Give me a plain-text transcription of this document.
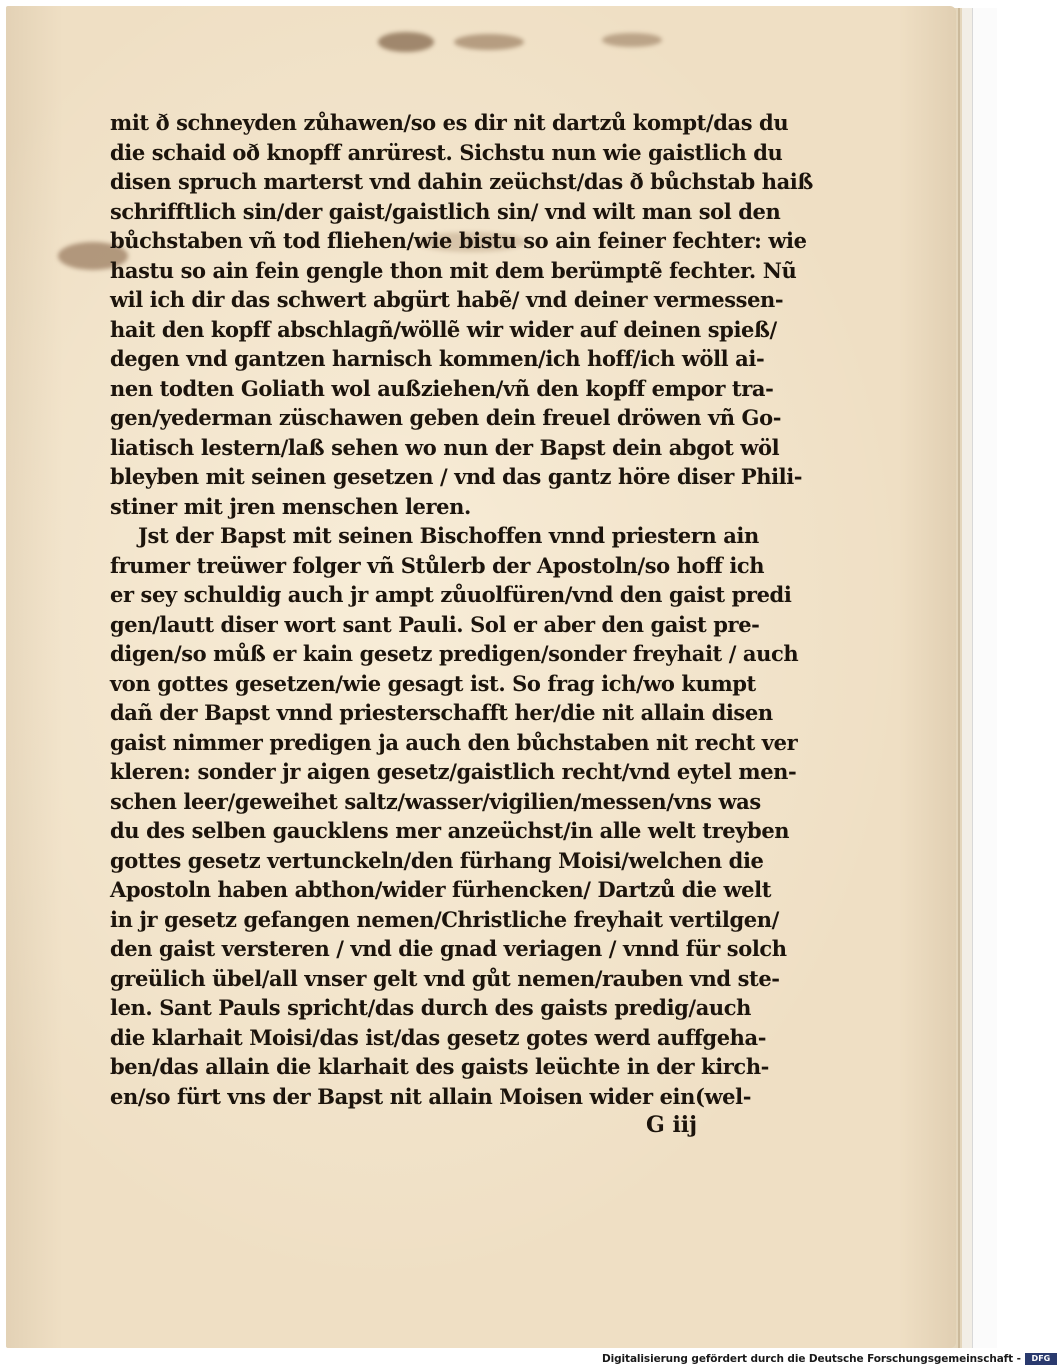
mit ð schneyden zůhawen/so es dir nit dartzů kompt/das du
die schaid oð knopff anrürest. Sichstu nun wie gaistlich du
disen spruch marterst vnd dahin zeüchst/das ð bůchstab haiß
schrifftlich sin/der gaist/gaistlich sin/ vnd wilt man sol den
bůchstaben vñ tod fliehen/wie bistu so ain feiner fechter: wie
hastu so ain fein gengle thon mit dem berümptẽ fechter. Nũ
wil ich dir das schwert abgürt habẽ/ vnd deiner vermessen-
hait den kopff abschlagñ/wöllẽ wir wider auf deinen spieß/
degen vnd gantzen harnisch kommen/ich hoff/ich wöll ai-
nen todten Goliath wol außziehen/vñ den kopff empor tra-
gen/yederman züschawen geben dein freuel dröwen vñ Go-
liatisch lestern/laß sehen wo nun der Bapst dein abgot wöl
bleyben mit seinen gesetzen / vnd das gantz höre diser Phili-
stiner mit jren menschen leren.
Jst der Bapst mit seinen Bischoffen vnnd priestern ain
frumer treüwer folger vñ Stůlerb der Apostoln/so hoff ich
er sey schuldig auch jr ampt zůuolfüren/vnd den gaist predi
gen/lautt diser wort sant Pauli. Sol er aber den gaist pre-
digen/so můß er kain gesetz predigen/sonder freyhait / auch
von gottes gesetzen/wie gesagt ist. So frag ich/wo kumpt
dañ der Bapst vnnd priesterschafft her/die nit allain disen
gaist nimmer predigen ja auch den bůchstaben nit recht ver
kleren: sonder jr aigen gesetz/gaistlich recht/vnd eytel men-
schen leer/geweihet saltz/wasser/vigilien/messen/vns was
du des selben gaucklens mer anzeüchst/in alle welt treyben
gottes gesetz vertunckeln/den fürhang Moisi/welchen die
Apostoln haben abthon/wider fürhencken/ Dartzů die welt
in jr gesetz gefangen nemen/Christliche freyhait vertilgen/
den gaist versteren / vnd die gnad veriagen / vnnd für solch
greülich übel/all vnser gelt vnd gůt nemen/rauben vnd ste-
len. Sant Pauls spricht/das durch des gaists predig/auch
die klarhait Moisi/das ist/das gesetz gotes werd auffgeha-
ben/das allain die klarhait des gaists leüchte in der kirch-
en/so fürt vns der Bapst nit allain Moisen wider ein(wel-
G iij
Digitalisierung gefördert durch die Deutsche Forschungsgemeinschaft -	DFG
